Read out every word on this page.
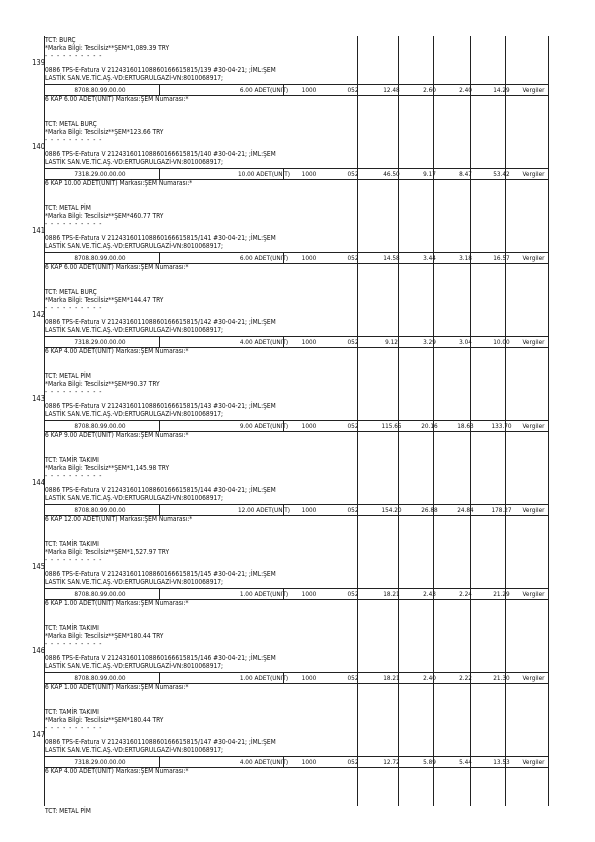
139
TCT: BURÇ
*Marka Bilgi: Tescilsiz**ŞEM*1,089.39 TRY
- - - - - - - - - -
0886 TPS-E-Fatura V 212431601108860166615815/139 #30-04-21; ;İML:ŞEM
LASTİK SAN.VE.TİC.AŞ.-VD:ERTUGRULGAZİ-VN:8010068917;
8708.80.99.00.00	6.00 ADET(UNIT)	1000	052	12.48	2.60	2.40	14.29	Vergiler
6 KAP 6.00 ADET(UNIT) Markası:ŞEM Numarası:*
140
TCT: METAL BURÇ
*Marka Bilgi: Tescilsiz**ŞEM*123.66 TRY
- - - - - - - - - -
0886 TPS-E-Fatura V 212431601108860166615815/140 #30-04-21; ;İML:ŞEM
LASTİK SAN.VE.TİC.AŞ.-VD:ERTUGRULGAZİ-VN:8010068917;
7318.29.00.00.00	10.00 ADET(UNIT)	1000	052	46.50	9.17	8.47	53.42	Vergiler
6 KAP 10.00 ADET(UNIT) Markası:ŞEM Numarası:*
141
TCT: METAL PİM
*Marka Bilgi: Tescilsiz**ŞEM*460.77 TRY
- - - - - - - - - -
0886 TPS-E-Fatura V 212431601108860166615815/141 #30-04-21; ;İML:ŞEM
LASTİK SAN.VE.TİC.AŞ.-VD:ERTUGRULGAZİ-VN:8010068917;
8708.80.99.00.00	6.00 ADET(UNIT)	1000	052	14.58	3.44	3.18	16.57	Vergiler
6 KAP 6.00 ADET(UNIT) Markası:ŞEM Numarası:*
142
TCT: METAL BURÇ
*Marka Bilgi: Tescilsiz**ŞEM*144.47 TRY
- - - - - - - - - -
0886 TPS-E-Fatura V 212431601108860166615815/142 #30-04-21; ;İML:ŞEM
LASTİK SAN.VE.TİC.AŞ.-VD:ERTUGRULGAZİ-VN:8010068917;
7318.29.00.00.00	4.00 ADET(UNIT)	1000	052	9.12	3.29	3.04	10.00	Vergiler
6 KAP 4.00 ADET(UNIT) Markası:ŞEM Numarası:*
143
TCT: METAL PİM
*Marka Bilgi: Tescilsiz**ŞEM*90.37 TRY
- - - - - - - - - -
0886 TPS-E-Fatura V 212431601108860166615815/143 #30-04-21; ;İML:ŞEM
LASTİK SAN.VE.TİC.AŞ.-VD:ERTUGRULGAZİ-VN:8010068917;
8708.80.99.00.00	9.00 ADET(UNIT)	1000	052	115.65	20.16	18.63	133.70	Vergiler
6 KAP 9.00 ADET(UNIT) Markası:ŞEM Numarası:*
144
TCT: TAMİR TAKIMI
*Marka Bilgi: Tescilsiz**ŞEM*1,145.98 TRY
- - - - - - - - - -
0886 TPS-E-Fatura V 212431601108860166615815/144 #30-04-21; ;İML:ŞEM
LASTİK SAN.VE.TİC.AŞ.-VD:ERTUGRULGAZİ-VN:8010068917;
8708.80.99.00.00	12.00 ADET(UNIT)	1000	052	154.20	26.88	24.84	178.27	Vergiler
6 KAP 12.00 ADET(UNIT) Markası:ŞEM Numarası:*
145
TCT: TAMİR TAKIMI
*Marka Bilgi: Tescilsiz**ŞEM*1,527.97 TRY
- - - - - - - - - -
0886 TPS-E-Fatura V 212431601108860166615815/145 #30-04-21; ;İML:ŞEM
LASTİK SAN.VE.TİC.AŞ.-VD:ERTUGRULGAZİ-VN:8010068917;
8708.80.99.00.00	1.00 ADET(UNIT)	1000	052	18.21	2.43	2.24	21.29	Vergiler
6 KAP 1.00 ADET(UNIT) Markası:ŞEM Numarası:*
146
TCT: TAMİR TAKIMI
*Marka Bilgi: Tescilsiz**ŞEM*180.44 TRY
- - - - - - - - - -
0886 TPS-E-Fatura V 212431601108860166615815/146 #30-04-21; ;İML:ŞEM
LASTİK SAN.VE.TİC.AŞ.-VD:ERTUGRULGAZİ-VN:8010068917;
8708.80.99.00.00	1.00 ADET(UNIT)	1000	052	18.21	2.40	2.22	21.30	Vergiler
6 KAP 1.00 ADET(UNIT) Markası:ŞEM Numarası:*
147
TCT: TAMİR TAKIMI
*Marka Bilgi: Tescilsiz**ŞEM*180.44 TRY
- - - - - - - - - -
0886 TPS-E-Fatura V 212431601108860166615815/147 #30-04-21; ;İML:ŞEM
LASTİK SAN.VE.TİC.AŞ.-VD:ERTUGRULGAZİ-VN:8010068917;
7318.29.00.00.00	4.00 ADET(UNIT)	1000	052	12.72	5.89	5.44	13.53	Vergiler
6 KAP 4.00 ADET(UNIT) Markası:ŞEM Numarası:*
TCT: METAL PİM
